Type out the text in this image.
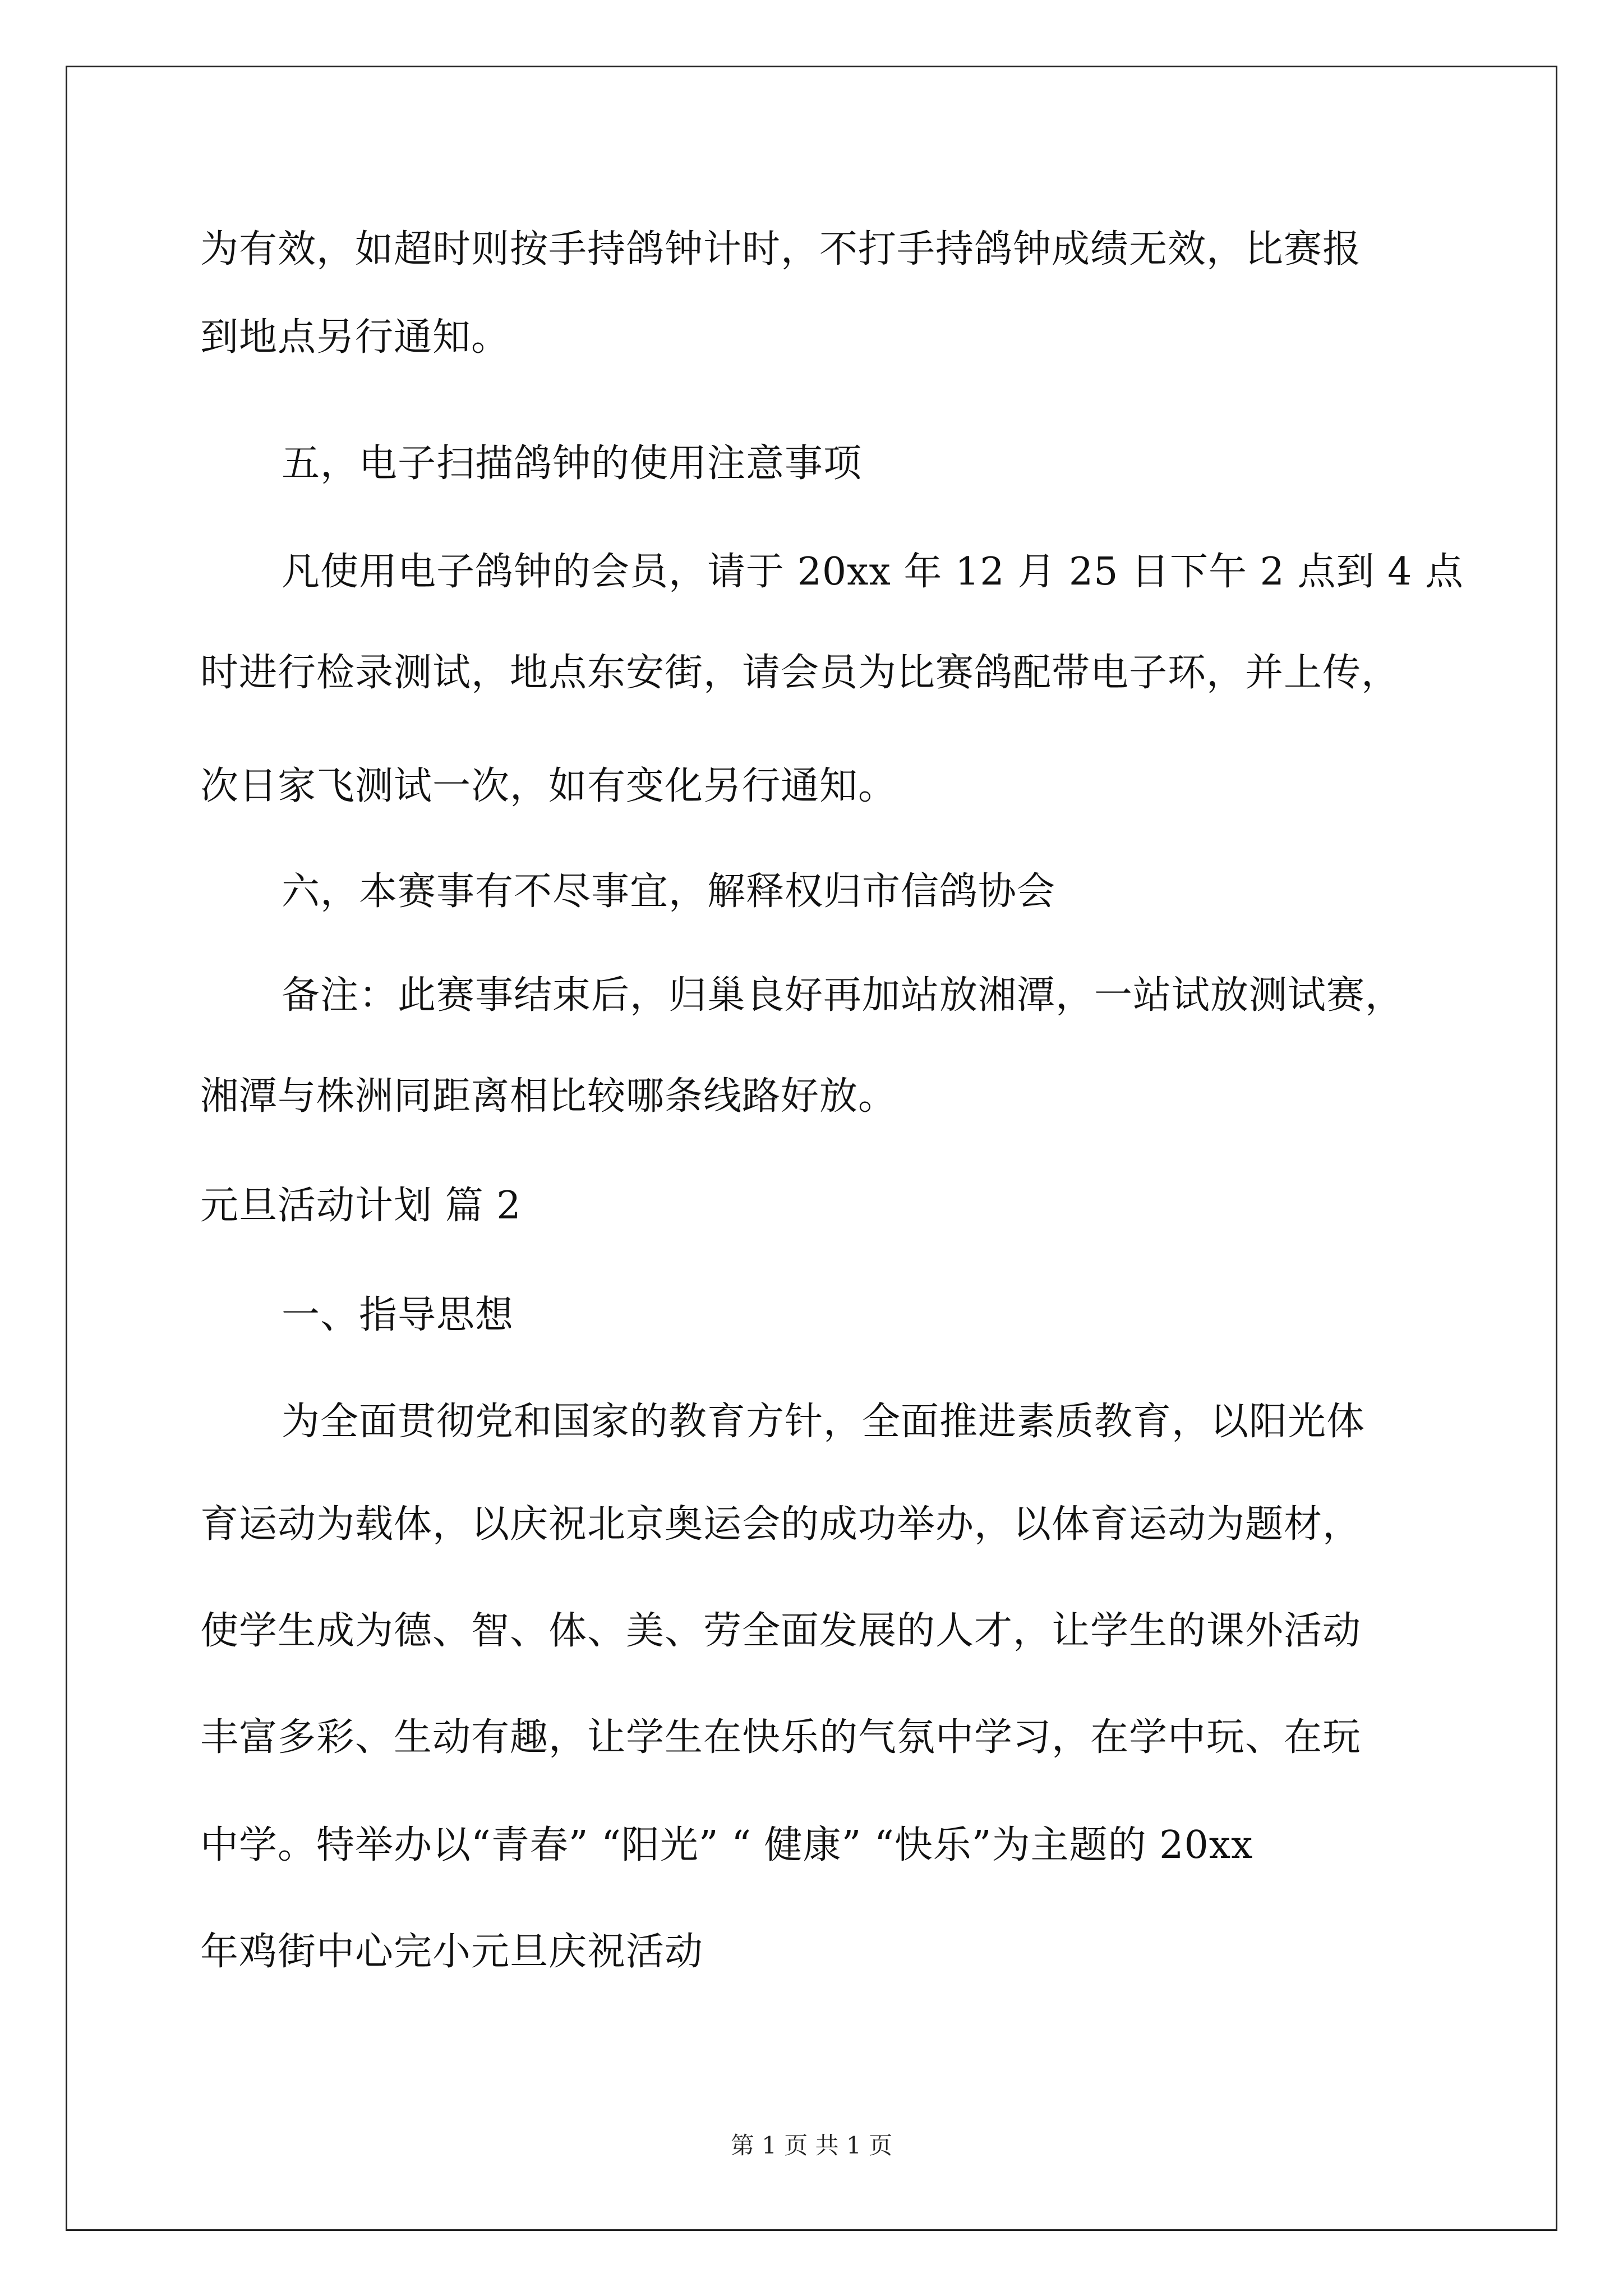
为有效，如超时则按手持鸽钟计时，不打手持鸽钟成绩无效，比赛报
到地点另行通知。
五，电子扫描鸽钟的使用注意事项
凡使用电子鸽钟的会员，请于 20xx 年 12 月 25 日下午 2 点到 4 点
时进行检录测试，地点东安街，请会员为比赛鸽配带电子环，并上传，
次日家飞测试一次，如有变化另行通知。
六，本赛事有不尽事宜，解释权归市信鸽协会
备注：此赛事结束后，归巢良好再加站放湘潭，一站试放测试赛，
湘潭与株洲同距离相比较哪条线路好放。
元旦活动计划 篇 2
一、指导思想
为全面贯彻党和国家的教育方针，全面推进素质教育，以阳光体
育运动为载体，以庆祝北京奥运会的成功举办，以体育运动为题材，
使学生成为德、智、体、美、劳全面发展的人才，让学生的课外活动
丰富多彩、生动有趣，让学生在快乐的气氛中学习，在学中玩、在玩
中学。特举办以“青春” “阳光” “ 健康” “快乐”为主题的 20xx
年鸡街中心完小元旦庆祝活动
第 1 页 共 1 页
